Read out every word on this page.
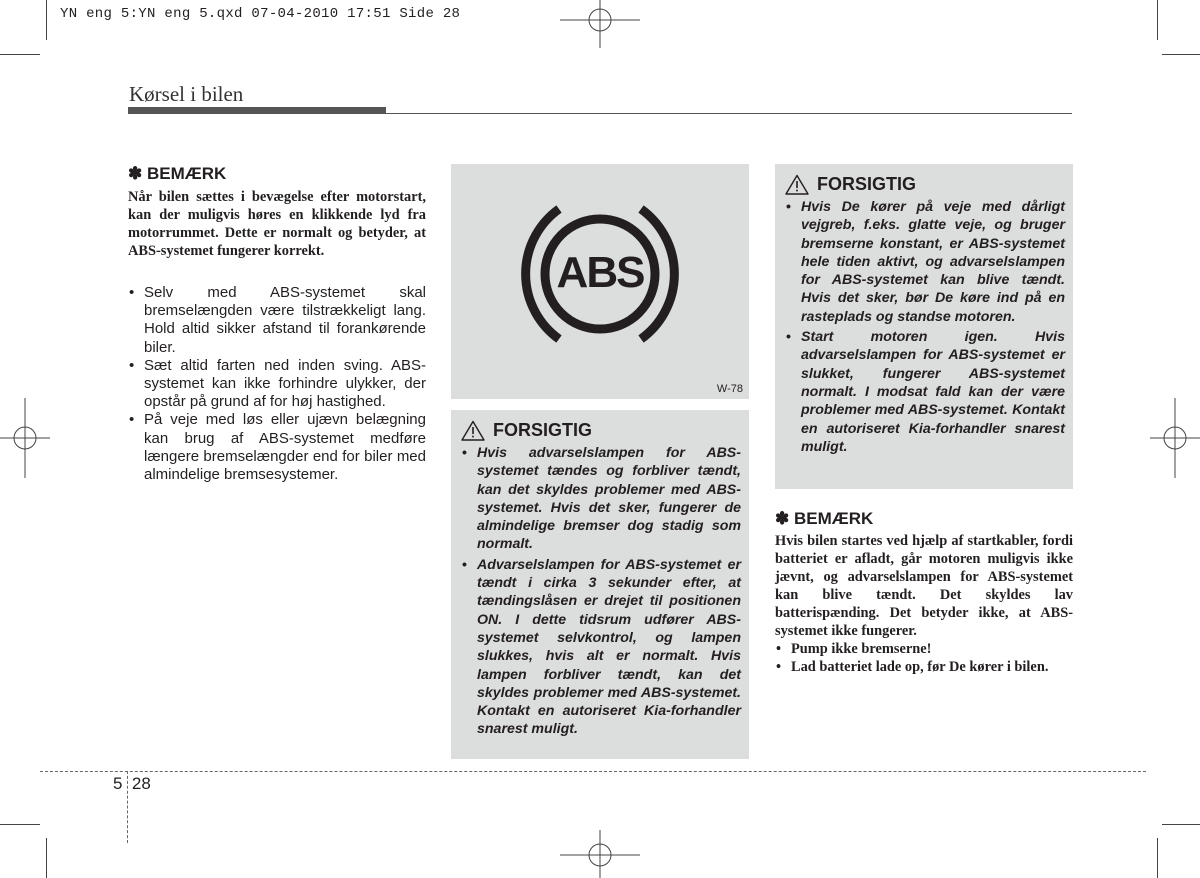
YN eng 5:YN eng 5.qxd 07-04-2010 17:51 Side 28
Kørsel i bilen
✽ BEMÆRK
Når bilen sættes i bevægelse efter motorstart, kan der muligvis høres en klikkende lyd fra motorrummet. Dette er normalt og betyder, at ABS-systemet fungerer korrekt.
• Selv med ABS-systemet skal bremselængden være tilstrækkeligt lang. Hold altid sikker afstand til forankørende biler.
• Sæt altid farten ned inden sving. ABS-systemet kan ikke forhindre ulykker, der opstår på grund af for høj hastighed.
• På veje med løs eller ujævn belægning kan brug af ABS-systemet medføre længere bremselængder end for biler med almindelige bremsesystemer.
ABS
W-78
FORSIGTIG
• Hvis advarselslampen for ABS-systemet tændes og forbliver tændt, kan det skyldes problemer med ABS-systemet. Hvis det sker, fungerer de almindelige bremser dog stadig som normalt.
• Advarselslampen for ABS-systemet er tændt i cirka 3 sekunder efter, at tændingslåsen er drejet til positionen ON. I dette tidsrum udfører ABS-systemet selvkontrol, og lampen slukkes, hvis alt er normalt. Hvis lampen forbliver tændt, kan det skyldes problemer med ABS-systemet. Kontakt en autoriseret Kia-forhandler snarest muligt.
FORSIGTIG
• Hvis De kører på veje med dårligt vejgreb, f.eks. glatte veje, og bruger bremserne konstant, er ABS-systemet hele tiden aktivt, og advarselslampen for ABS-systemet kan blive tændt. Hvis det sker, bør De køre ind på en rasteplads og standse motoren.
• Start motoren igen. Hvis advarselslampen for ABS-systemet er slukket, fungerer ABS-systemet normalt. I modsat fald kan der være problemer med ABS-systemet. Kontakt en autoriseret Kia-forhandler snarest muligt.
✽ BEMÆRK
Hvis bilen startes ved hjælp af startkabler, fordi batteriet er afladt, går motoren muligvis ikke jævnt, og advarselslampen for ABS-systemet kan blive tændt. Det skyldes lav batterispænding. Det betyder ikke, at ABS-systemet ikke fungerer.
• Pump ikke bremserne!
• Lad batteriet lade op, før De kører i bilen.
5  28
